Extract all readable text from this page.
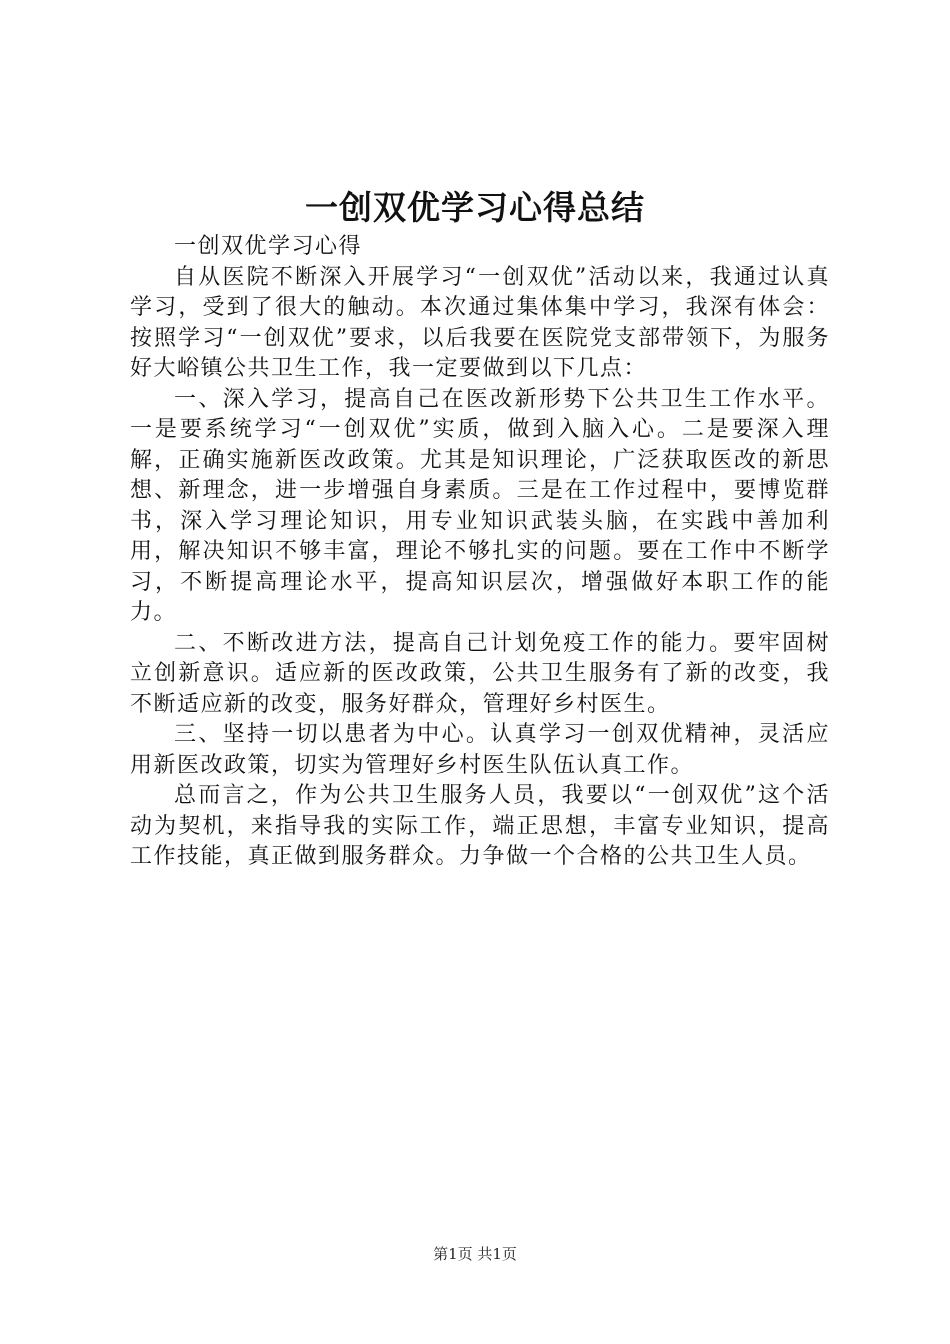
一创双优学习心得总结

一创双优学习心得

自从医院不断深入开展学习“一创双优”活动以来，我通过认真学习，受到了很大的触动。本次通过集体集中学习，我深有体会：按照学习“一创双优”要求，以后我要在医院党支部带领下，为服务好大峪镇公共卫生工作，我一定要做到以下几点：

一、深入学习，提高自己在医改新形势下公共卫生工作水平。一是要系统学习“一创双优”实质，做到入脑入心。二是要深入理解，正确实施新医改政策。尤其是知识理论，广泛获取医改的新思想、新理念，进一步增强自身素质。三是在工作过程中，要博览群书，深入学习理论知识，用专业知识武装头脑，在实践中善加利用，解决知识不够丰富，理论不够扎实的问题。要在工作中不断学习，不断提高理论水平，提高知识层次，增强做好本职工作的能力。

二、不断改进方法，提高自己计划免疫工作的能力。要牢固树立创新意识。适应新的医改政策，公共卫生服务有了新的改变，我不断适应新的改变，服务好群众，管理好乡村医生。

三、坚持一切以患者为中心。认真学习一创双优精神，灵活应用新医改政策，切实为管理好乡村医生队伍认真工作。

总而言之，作为公共卫生服务人员，我要以“一创双优”这个活动为契机，来指导我的实际工作，端正思想，丰富专业知识，提高工作技能，真正做到服务群众。力争做一个合格的公共卫生人员。

第1页 共1页
